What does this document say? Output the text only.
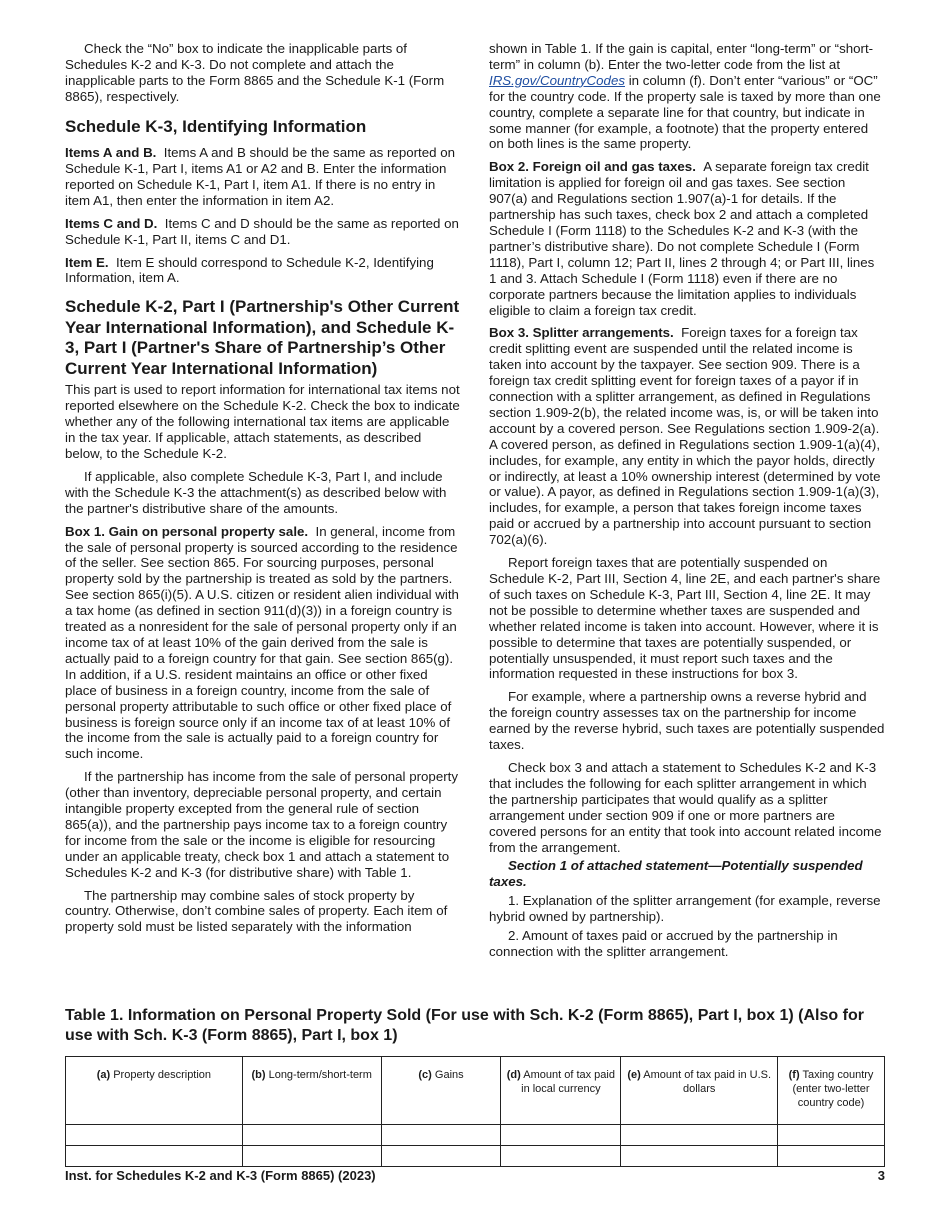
Check the “No” box to indicate the inapplicable parts of Schedules K-2 and K-3. Do not complete and attach the inapplicable parts to the Form 8865 and the Schedule K-1 (Form 8865), respectively.

Schedule K-3, Identifying Information

Items A and B. Items A and B should be the same as reported on Schedule K-1, Part I, items A1 or A2 and B. Enter the information reported on Schedule K-1, Part I, item A1. If there is no entry in item A1, then enter the information in item A2.

Items C and D. Items C and D should be the same as reported on Schedule K-1, Part II, items C and D1.

Item E. Item E should correspond to Schedule K-2, Identifying Information, item A.

Schedule K-2, Part I (Partnership's Other Current Year International Information), and Schedule K-3, Part I (Partner's Share of Partnership’s Other Current Year International Information)

This part is used to report information for international tax items not reported elsewhere on the Schedule K-2. Check the box to indicate whether any of the following international tax items are applicable in the tax year. If applicable, attach statements, as described below, to the Schedule K-2.

If applicable, also complete Schedule K-3, Part I, and include with the Schedule K-3 the attachment(s) as described below with the partner's distributive share of the amounts.

Box 1. Gain on personal property sale. In general, income from the sale of personal property is sourced according to the residence of the seller. See section 865. For sourcing purposes, personal property sold by the partnership is treated as sold by the partners. See section 865(i)(5). A U.S. citizen or resident alien individual with a tax home (as defined in section 911(d)(3)) in a foreign country is treated as a nonresident for the sale of personal property only if an income tax of at least 10% of the gain derived from the sale is actually paid to a foreign country for that gain. See section 865(g). In addition, if a U.S. resident maintains an office or other fixed place of business in a foreign country, income from the sale of personal property attributable to such office or other fixed place of business is foreign source only if an income tax of at least 10% of the income from the sale is actually paid to a foreign country for such income.

If the partnership has income from the sale of personal property (other than inventory, depreciable personal property, and certain intangible property excepted from the general rule of section 865(a)), and the partnership pays income tax to a foreign country for income from the sale or the income is eligible for resourcing under an applicable treaty, check box 1 and attach a statement to Schedules K-2 and K-3 (for distributive share) with Table 1.

The partnership may combine sales of stock property by country. Otherwise, don’t combine sales of property. Each item of property sold must be listed separately with the information

shown in Table 1. If the gain is capital, enter “long-term” or “short-term” in column (b). Enter the two-letter code from the list at IRS.gov/CountryCodes in column (f). Don’t enter “various” or “OC” for the country code. If the property sale is taxed by more than one country, complete a separate line for that country, but indicate in some manner (for example, a footnote) that the property entered on both lines is the same property.

Box 2. Foreign oil and gas taxes. A separate foreign tax credit limitation is applied for foreign oil and gas taxes. See section 907(a) and Regulations section 1.907(a)-1 for details. If the partnership has such taxes, check box 2 and attach a completed Schedule I (Form 1118) to the Schedules K-2 and K-3 (with the partner’s distributive share). Do not complete Schedule I (Form 1118), Part I, column 12; Part II, lines 2 through 4; or Part III, lines 1 and 3. Attach Schedule I (Form 1118) even if there are no corporate partners because the limitation applies to individuals eligible to claim a foreign tax credit.

Box 3. Splitter arrangements. Foreign taxes for a foreign tax credit splitting event are suspended until the related income is taken into account by the taxpayer. See section 909. There is a foreign tax credit splitting event for foreign taxes of a payor if in connection with a splitter arrangement, as defined in Regulations section 1.909-2(b), the related income was, is, or will be taken into account by a covered person. See Regulations section 1.909-2(a). A covered person, as defined in Regulations section 1.909-1(a)(4), includes, for example, any entity in which the payor holds, directly or indirectly, at least a 10% ownership interest (determined by vote or value). A payor, as defined in Regulations section 1.909-1(a)(3), includes, for example, a person that takes foreign income taxes paid or accrued by a partnership into account pursuant to section 702(a)(6).

Report foreign taxes that are potentially suspended on Schedule K-2, Part III, Section 4, line 2E, and each partner's share of such taxes on Schedule K-3, Part III, Section 4, line 2E. It may not be possible to determine whether taxes are suspended and whether related income is taken into account. However, where it is possible to determine that taxes are potentially suspended, or potentially unsuspended, it must report such taxes and the information requested in these instructions for box 3.

For example, where a partnership owns a reverse hybrid and the foreign country assesses tax on the partnership for income earned by the reverse hybrid, such taxes are potentially suspended taxes.

Check box 3 and attach a statement to Schedules K-2 and K-3 that includes the following for each splitter arrangement in which the partnership participates that would qualify as a splitter arrangement under section 909 if one or more partners are covered persons for an entity that took into account related income from the arrangement.

Section 1 of attached statement—Potentially suspended taxes.

1. Explanation of the splitter arrangement (for example, reverse hybrid owned by partnership).

2. Amount of taxes paid or accrued by the partnership in connection with the splitter arrangement.

Table 1. Information on Personal Property Sold (For use with Sch. K-2 (Form 8865), Part I, box 1) (Also for use with Sch. K-3 (Form 8865), Part I, box 1)
(a) Property description	(b) Long-term/short-term	(c) Gains	(d) Amount of tax paid in local currency	(e) Amount of tax paid in U.S. dollars	(f) Taxing country (enter two-letter country code)

Inst. for Schedules K-2 and K-3 (Form 8865) (2023)	3
